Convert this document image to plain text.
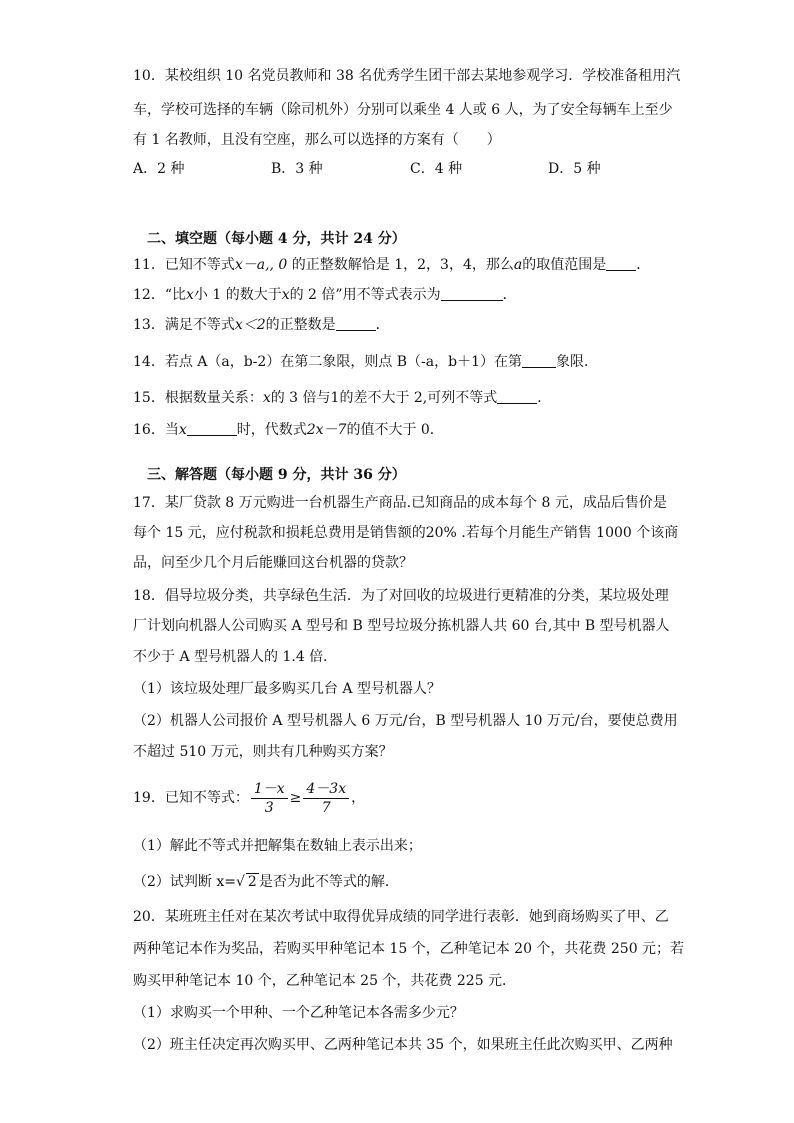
10．某校组织 10 名党员教师和 38 名优秀学生团干部去某地参观学习．学校准备租用汽
车，学校可选择的车辆（除司机外）分别可以乘坐 4 人或 6 人，为了安全每辆车上至少
有 1 名教师，且没有空座，那么可以选择的方案有（　　）
A．2 种	B．3 种	C．4 种	D．5 种
二、填空题（每小题 4 分，共计 24 分）
11．已知不等式x－a,, 0 的正整数解恰是 1，2，3，4，那么a的取值范围是 ．
12．“比x小 1 的数大于x的 2 倍”用不等式表示为	．
13．满足不等式x＜2的正整数是	．
14．若点 A（a，b-2）在第二象限，则点 B（-a，b＋1）在第 象限．
15．根据数量关系：x的 3 倍与1的差不大于 2,可列不等式	．
16．当x	时，代数式2x－7的值不大于 0．
三、解答题（每小题 9 分，共计 36 分）
17．某厂贷款 8 万元购进一台机器生产商品.已知商品的成本每个 8 元，成品后售价是
每个 15 元，应付税款和损耗总费用是销售额的20% .若每个月能生产销售 1000 个该商
品，问至少几个月后能赚回这台机器的贷款？
18．倡导垃圾分类，共享绿色生活．为了对回收的垃圾进行更精准的分类，某垃圾处理
厂计划向机器人公司购买 A 型号和 B 型号垃圾分拣机器人共 60 台,其中 B 型号机器人
不少于 A 型号机器人的 1.4 倍．
（1）该垃圾处理厂最多购买几台 A 型号机器人？
（2）机器人公司报价 A 型号机器人 6 万元/台，B 型号机器人 10 万元/台，要使总费用
不超过 510 万元，则共有几种购买方案？
19．已知不等式： $\frac{1-x}{3} \ge \frac{4-3x}{7}$ ，
（1）解此不等式并把解集在数轴上表示出来；
（2）试判断 x=√ 2 是否为此不等式的解．
20．某班班主任对在某次考试中取得优异成绩的同学进行表彰．她到商场购买了甲、乙
两种笔记本作为奖品，若购买甲种笔记本 15 个，乙种笔记本 20 个，共花费 250 元；若
购买甲种笔记本 10 个，乙种笔记本 25 个，共花费 225 元．
（1）求购买一个甲种、一个乙种笔记本各需多少元？
（2）班主任决定再次购买甲、乙两种笔记本共 35 个，如果班主任此次购买甲、乙两种
